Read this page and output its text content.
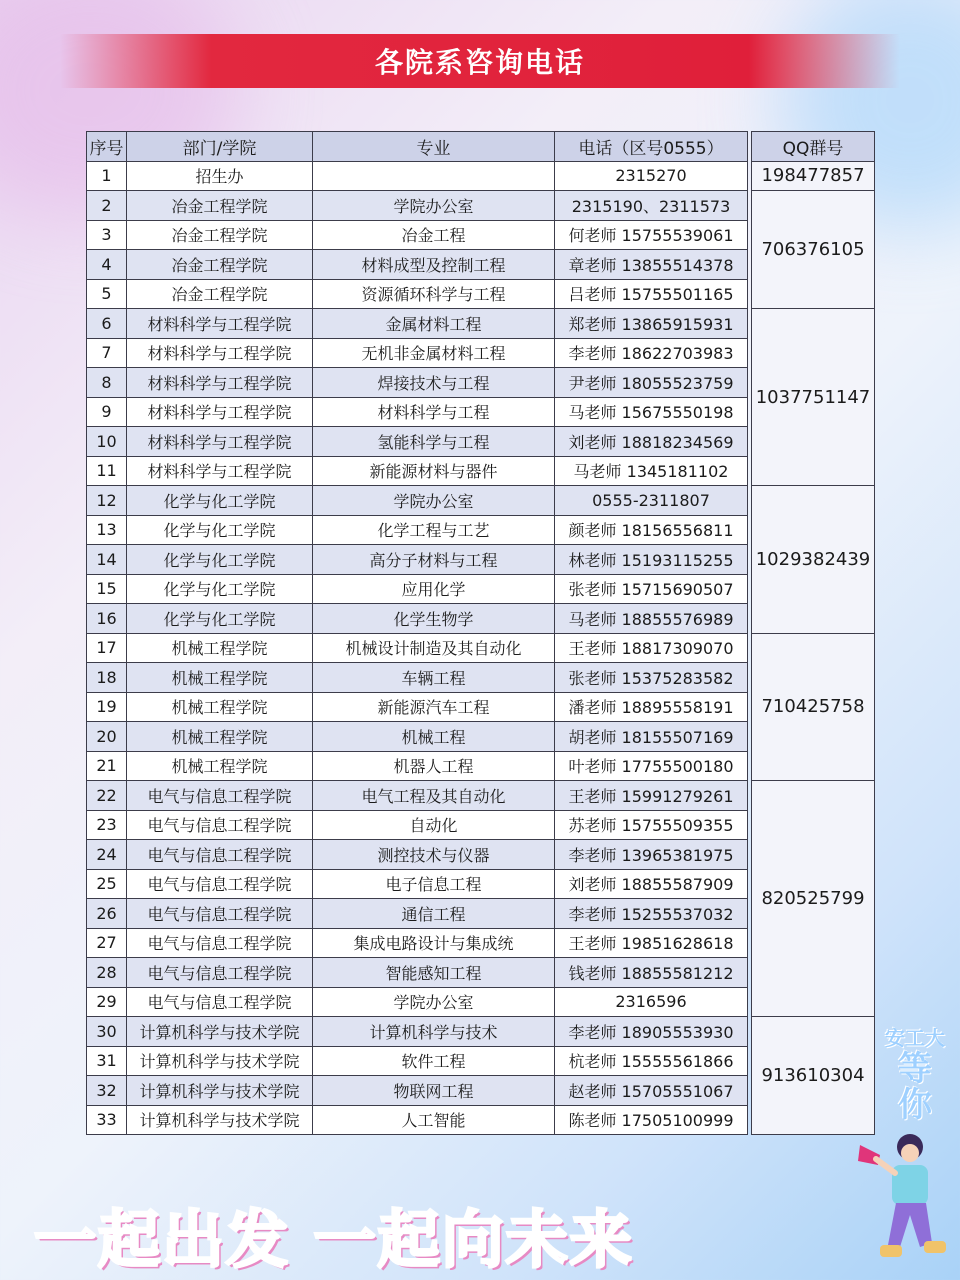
各院系咨询电话
序号	部门/学院	专业	电话（区号0555）		QQ群号
1	招生办		2315270		198477857
2	冶金工程学院	学院办公室	2315190、2311573		706376105
3	冶金工程学院	冶金工程	何老师 15755539061		
4	冶金工程学院	材料成型及控制工程	章老师 13855514378		
5	冶金工程学院	资源循环科学与工程	吕老师 15755501165		
6	材料科学与工程学院	金属材料工程	郑老师 13865915931		1037751147
7	材料科学与工程学院	无机非金属材料工程	李老师 18622703983		
8	材料科学与工程学院	焊接技术与工程	尹老师 18055523759		
9	材料科学与工程学院	材料科学与工程	马老师 15675550198		
10	材料科学与工程学院	氢能科学与工程	刘老师 18818234569		
11	材料科学与工程学院	新能源材料与器件	马老师 1345181102		
12	化学与化工学院	学院办公室	0555-2311807		1029382439
13	化学与化工学院	化学工程与工艺	颜老师 18156556811		
14	化学与化工学院	高分子材料与工程	林老师 15193115255		
15	化学与化工学院	应用化学	张老师 15715690507		
16	化学与化工学院	化学生物学	马老师 18855576989		
17	机械工程学院	机械设计制造及其自动化	王老师 18817309070		710425758
18	机械工程学院	车辆工程	张老师 15375283582		
19	机械工程学院	新能源汽车工程	潘老师 18895558191		
20	机械工程学院	机械工程	胡老师 18155507169		
21	机械工程学院	机器人工程	叶老师 17755500180		
22	电气与信息工程学院	电气工程及其自动化	王老师 15991279261		820525799
23	电气与信息工程学院	自动化	苏老师 15755509355		
24	电气与信息工程学院	测控技术与仪器	李老师 13965381975		
25	电气与信息工程学院	电子信息工程	刘老师 18855587909		
26	电气与信息工程学院	通信工程	李老师 15255537032		
27	电气与信息工程学院	集成电路设计与集成统	王老师 19851628618		
28	电气与信息工程学院	智能感知工程	钱老师 18855581212		
29	电气与信息工程学院	学院办公室	2316596		
30	计算机科学与技术学院	计算机科学与技术	李老师 18905553930		913610304
31	计算机科学与技术学院	软件工程	杭老师 15555561866		
32	计算机科学与技术学院	物联网工程	赵老师 15705551067		
33	计算机科学与技术学院	人工智能	陈老师 17505100999		
安工大
等
你
一起出发 一起向未来
